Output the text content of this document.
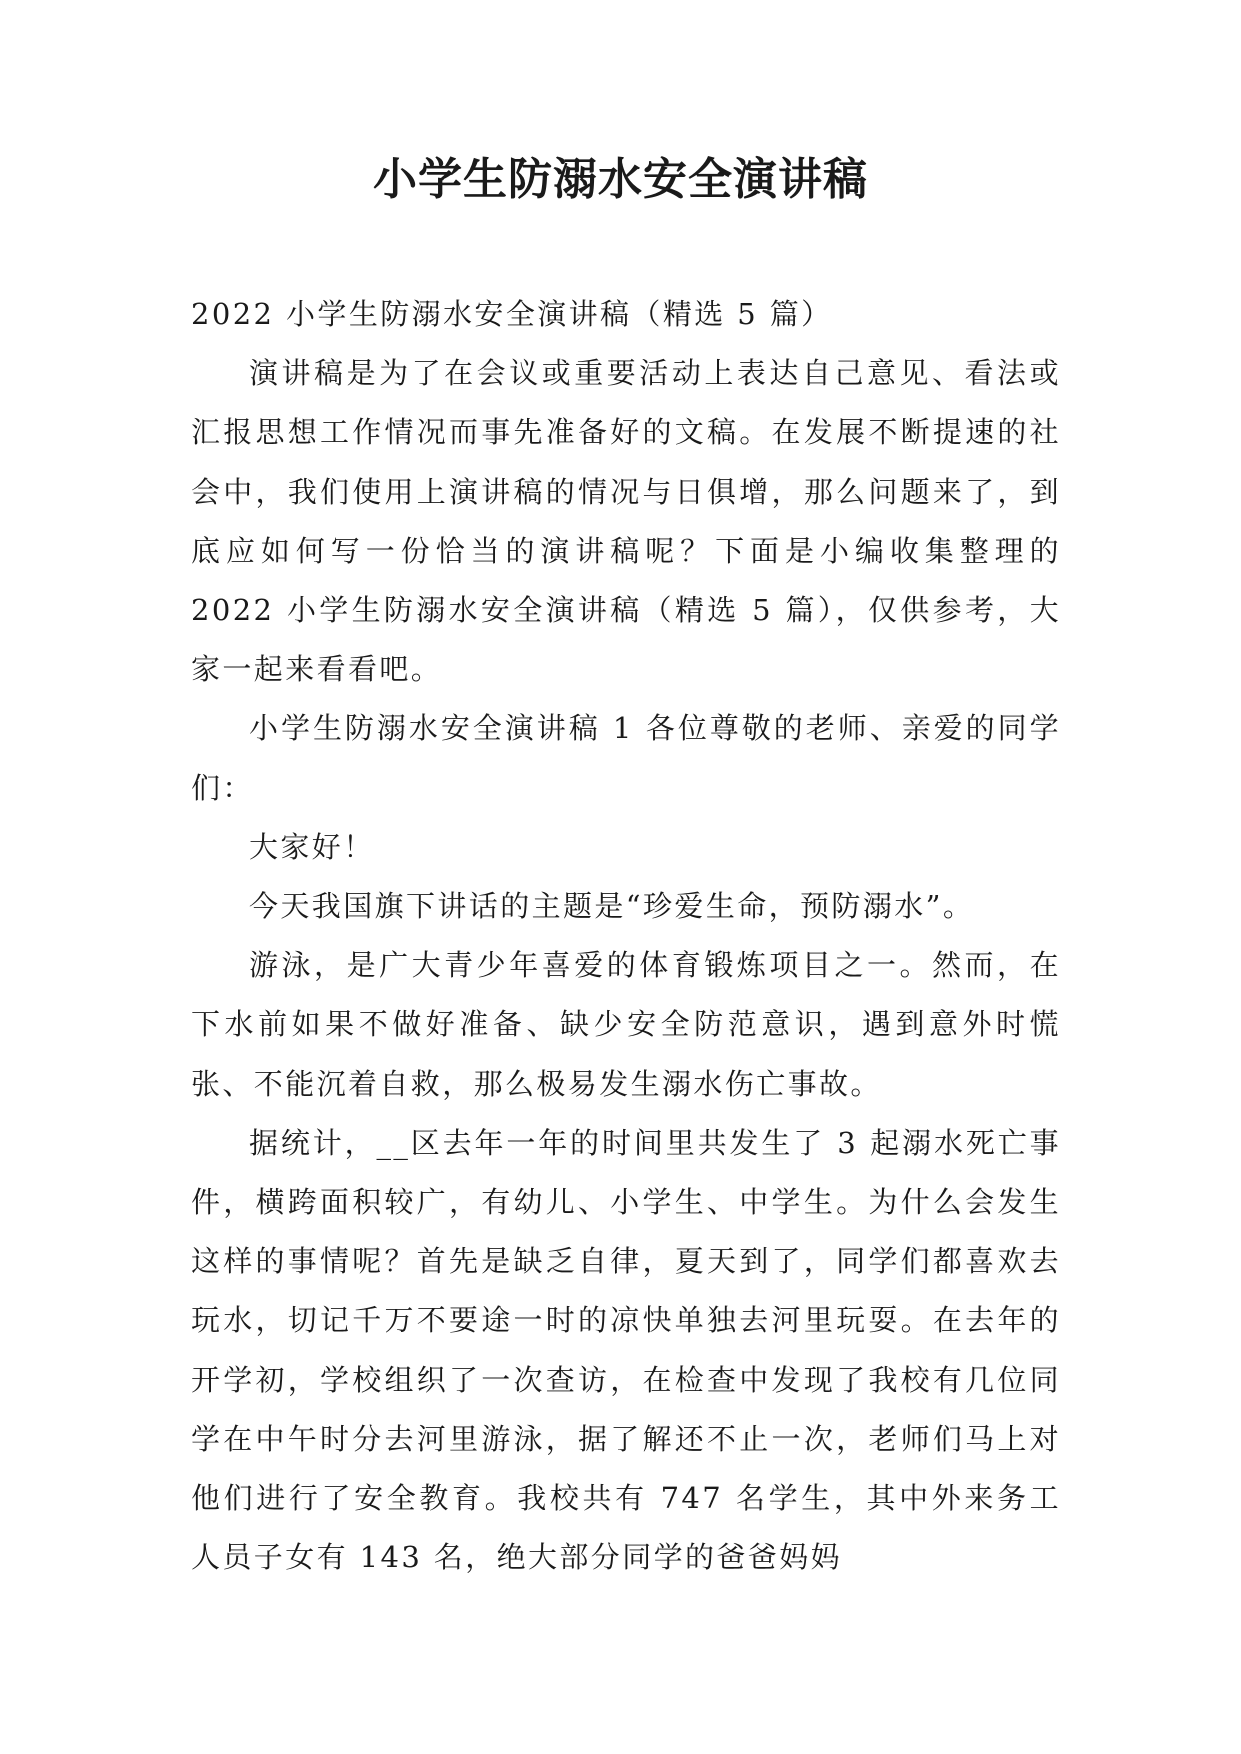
小学生防溺水安全演讲稿

2022 小学生防溺水安全演讲稿（精选 5 篇）

演讲稿是为了在会议或重要活动上表达自己意见、看法或汇报思想工作情况而事先准备好的文稿。在发展不断提速的社会中，我们使用上演讲稿的情况与日俱增，那么问题来了，到底应如何写一份恰当的演讲稿呢？下面是小编收集整理的 2022 小学生防溺水安全演讲稿（精选 5 篇），仅供参考，大家一起来看看吧。

小学生防溺水安全演讲稿 1 各位尊敬的老师、亲爱的同学们：

大家好！

今天我国旗下讲话的主题是“珍爱生命，预防溺水”。

游泳，是广大青少年喜爱的体育锻炼项目之一。然而，在下水前如果不做好准备、缺少安全防范意识，遇到意外时慌张、不能沉着自救，那么极易发生溺水伤亡事故。

据统计，__区去年一年的时间里共发生了 3 起溺水死亡事件，横跨面积较广，有幼儿、小学生、中学生。为什么会发生这样的事情呢？首先是缺乏自律，夏天到了，同学们都喜欢去玩水，切记千万不要途一时的凉快单独去河里玩耍。在去年的开学初，学校组织了一次查访，在检查中发现了我校有几位同学在中午时分去河里游泳，据了解还不止一次，老师们马上对他们进行了安全教育。我校共有 747 名学生，其中外来务工人员子女有 143 名，绝大部分同学的爸爸妈妈
